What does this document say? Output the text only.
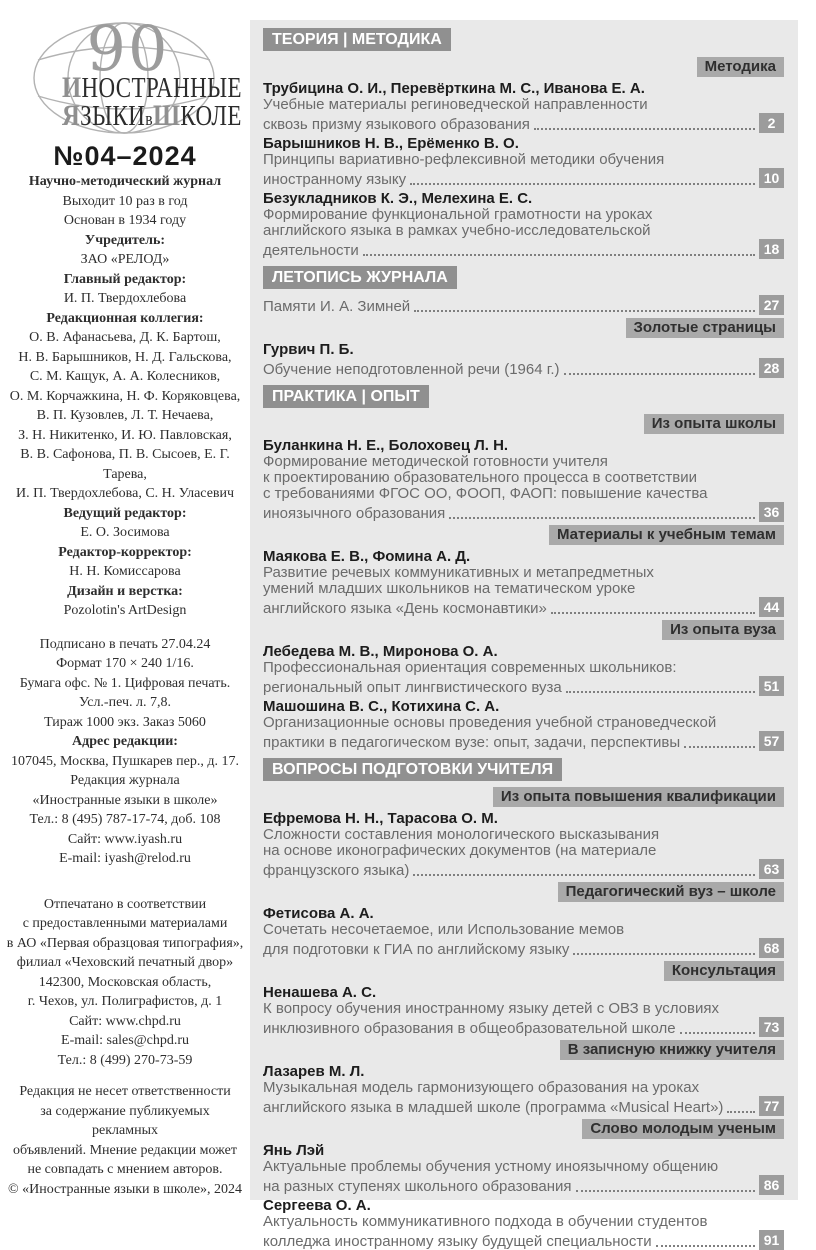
90
ИНОСТРАННЫЕ
ЯЗЫКИвШКОЛЕ
№04–2024
Научно-методический журнал
Выходит 10 раз в год
Основан в 1934 году
Учредитель:
ЗАО «РЕЛОД»
Главный редактор:
И. П. Твердохлебова
Редакционная коллегия:
О. В. Афанасьева, Д. К. Бартош,
Н. В. Барышников, Н. Д. Гальскова,
С. М. Кащук, А. А. Колесников,
О. М. Корчажкина, Н. Ф. Коряковцева,
В. П. Кузовлев, Л. Т. Нечаева,
З. Н. Никитенко, И. Ю. Павловская,
В. В. Сафонова, П. В. Сысоев, Е. Г. Тарева,
И. П. Твердохлебова, С. Н. Уласевич
Ведущий редактор:
Е. О. Зосимова
Редактор-корректор:
Н. Н. Комиссарова
Дизайн и верстка:
Pozolotin's ArtDesign
Подписано в печать 27.04.24
Формат 170 × 240 1/16.
Бумага офс. № 1. Цифровая печать.
Усл.-печ. л. 7,8.
Тираж 1000 экз. Заказ 5060
Адрес редакции:
107045, Москва, Пушкарев пер., д. 17.
Редакция журнала
«Иностранные языки в школе»
Тел.: 8 (495) 787-17-74, доб. 108
Сайт: www.iyash.ru
E-mail: iyash@relod.ru
Отпечатано в соответствии
с предоставленными материалами
в АО «Первая образцовая типография»,
филиал «Чеховский печатный двор»
142300, Московская область,
г. Чехов, ул. Полиграфистов, д. 1
Сайт: www.chpd.ru
E-mail: sales@chpd.ru
Тел.: 8 (499) 270-73-59
Редакция не несет ответственности
за содержание публикуемых рекламных
объявлений. Мнение редакции может
не совпадать с мнением авторов.
© «Иностранные языки в школе», 2024
ТЕОРИЯ | МЕТОДИКА
Методика
Трубицина О. И., Перевёрткина М. С., Иванова Е. А.
Учебные материалы региноведческой направленности
сквозь призму языкового образования	2
Барышников Н. В., Ерёменко В. О.
Принципы вариативно-рефлексивной методики обучения
иностранному языку	10
Безукладников К. Э., Мелехина Е. С.
Формирование функциональной грамотности на уроках
английского языка в рамках учебно-исследовательской
деятельности	18
ЛЕТОПИСЬ ЖУРНАЛА
Памяти И. А. Зимней	27
Золотые страницы
Гурвич П. Б.
Обучение неподготовленной речи (1964 г.)	28
ПРАКТИКА | ОПЫТ
Из опыта школы
Буланкина Н. Е., Болоховец Л. Н.
Формирование методической готовности учителя
к проектированию образовательного процесса в соответствии
с требованиями ФГОС ОО, ФООП, ФАОП: повышение качества
иноязычного образования	36
Материалы к учебным темам
Маякова Е. В., Фомина А. Д.
Развитие речевых коммуникативных и метапредметных
умений младших школьников на тематическом уроке
английского языка «День космонавтики»	44
Из опыта вуза
Лебедева М. В., Миронова О. А.
Профессиональная ориентация современных школьников:
региональный опыт лингвистического вуза	51
Машошина В. С., Котихина С. А.
Организационные основы проведения учебной страноведческой
практики в педагогическом вузе: опыт, задачи, перспективы	57
ВОПРОСЫ ПОДГОТОВКИ УЧИТЕЛЯ
Из опыта повышения квалификации
Ефремова Н. Н., Тарасова О. М.
Сложности составления монологического высказывания
на основе иконографических документов (на материале
французского языка)	63
Педагогический вуз – школе
Фетисова А. А.
Сочетать несочетаемое, или Использование мемов
для подготовки к ГИА по английскому языку	68
Консультация
Ненашева А. С.
К вопросу обучения иностранному языку детей с ОВЗ в условиях
инклюзивного образования в общеобразовательной школе	73
В записную книжку учителя
Лазарев М. Л.
Музыкальная модель гармонизующего образования на уроках
английского языка в младшей школе (программа «Musical Heart»)	77
Слово молодым ученым
Янь Лэй
Актуальные проблемы обучения устному иноязычному общению
на разных ступенях школьного образования	86
Сергеева О. А.
Актуальность коммуникативного подхода в обучении студентов
колледжа иностранному языку будущей специальности	91
